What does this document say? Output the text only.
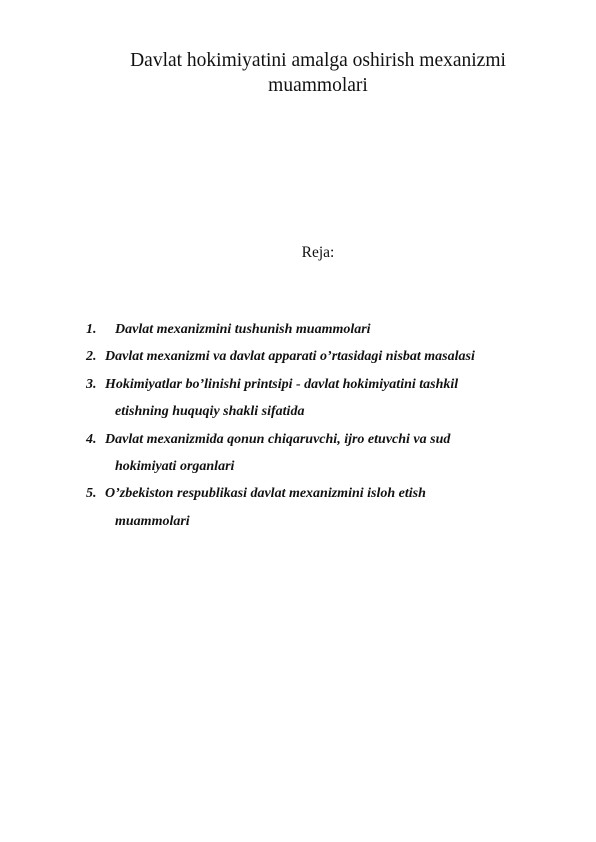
Davlat hokimiyatini amalga oshirish mexanizmi
muammolari
Reja:
1. Davlat mexanizmini tushunish muammolari
2. Davlat mexanizmi va davlat apparati o’rtasidagi nisbat masalasi
3. Hokimiyatlar bo’linishi printsipi - davlat hokimiyatini tashkil
etishning huquqiy shakli sifatida
4. Davlat mexanizmida qonun chiqaruvchi, ijro etuvchi va sud
hokimiyati organlari
5. O’zbekiston respublikasi davlat mexanizmini isloh etish
muammolari
